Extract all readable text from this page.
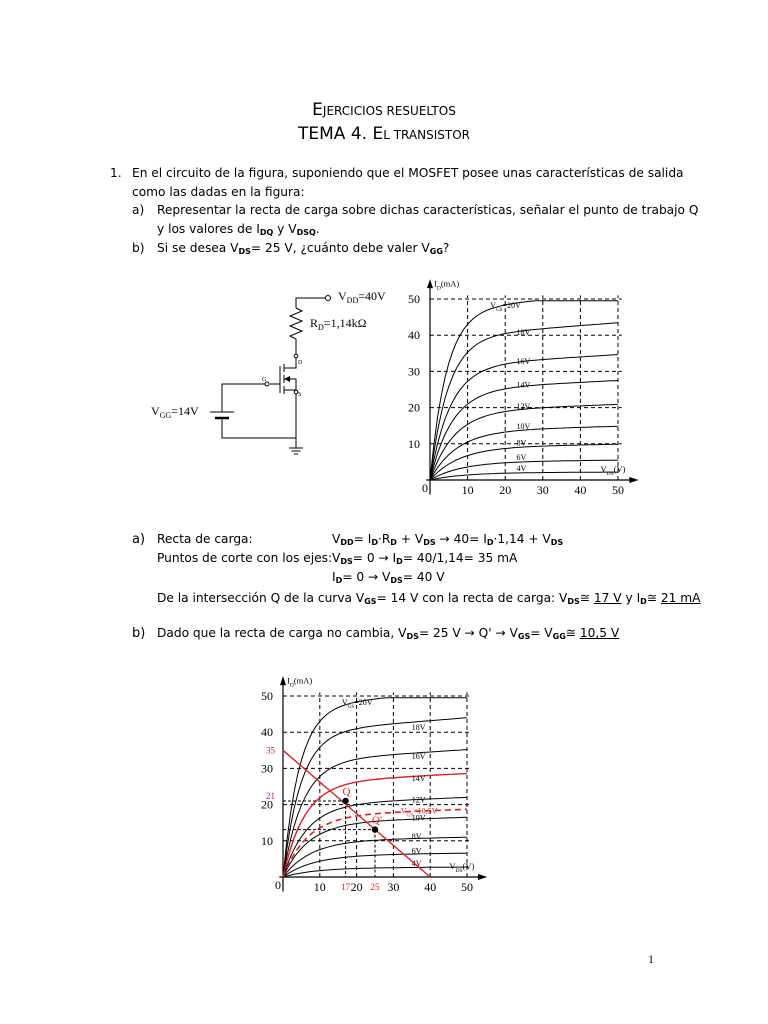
EJERCICIOS RESUELTOS
TEMA 4. EL TRANSISTOR
1. En el circuito de la figura, suponiendo que el MOSFET posee unas características de salida
como las dadas en la figura:
a) Representar la recta de carga sobre dichas características, señalar el punto de trabajo Q
y los valores de $I_{DQ}$ y $V_{DSQ}$.
b) Si se desea $V_{DS}= 25$ V, ¿cuánto debe valer $V_{GG}$?
$V_{DD}=40V$
$R_D=1,14k\Omega$
$V_{GG}=14V$
D
G
S
10 20 30 40 50
0
10
20
30
40
50
$I_D(mA)$
$V_{DS}(V)$
$V_{GS}=20V$
18V
16V
14V
12V
10V
8V
6V
4V
a) Recta de carga:	$V_{DD}= I_D\cdot R_D + V_{DS} \to 40= I_D\cdot 1,14 + V_{DS}$
Puntos de corte con los ejes: $V_{DS}= 0 \to I_D= 40/1,14= 35$ mA
$I_D= 0 \to V_{DS}= 40$ V
De la intersección Q de la curva $V_{GS}= 14$ V con la recta de carga: $V_{DS}≅$ 17 V y $I_D≅$ 21 mA
b) Dado que la recta de carga no cambia, $V_{DS}= 25$ $V \to Q' \to V_{GS}=$ $V_{GG}≅$ 10,5 V
10 20 30 40 50
0
10
20
30
40
50
$I_D(mA)$
$V_{DS}(V)$
$V_{GS}=20V$
18V
16V
14V
12V
10V
8V
6V
4V
$V_{GS}=10,5V$
Q
Q'
35
21
17 25
1
